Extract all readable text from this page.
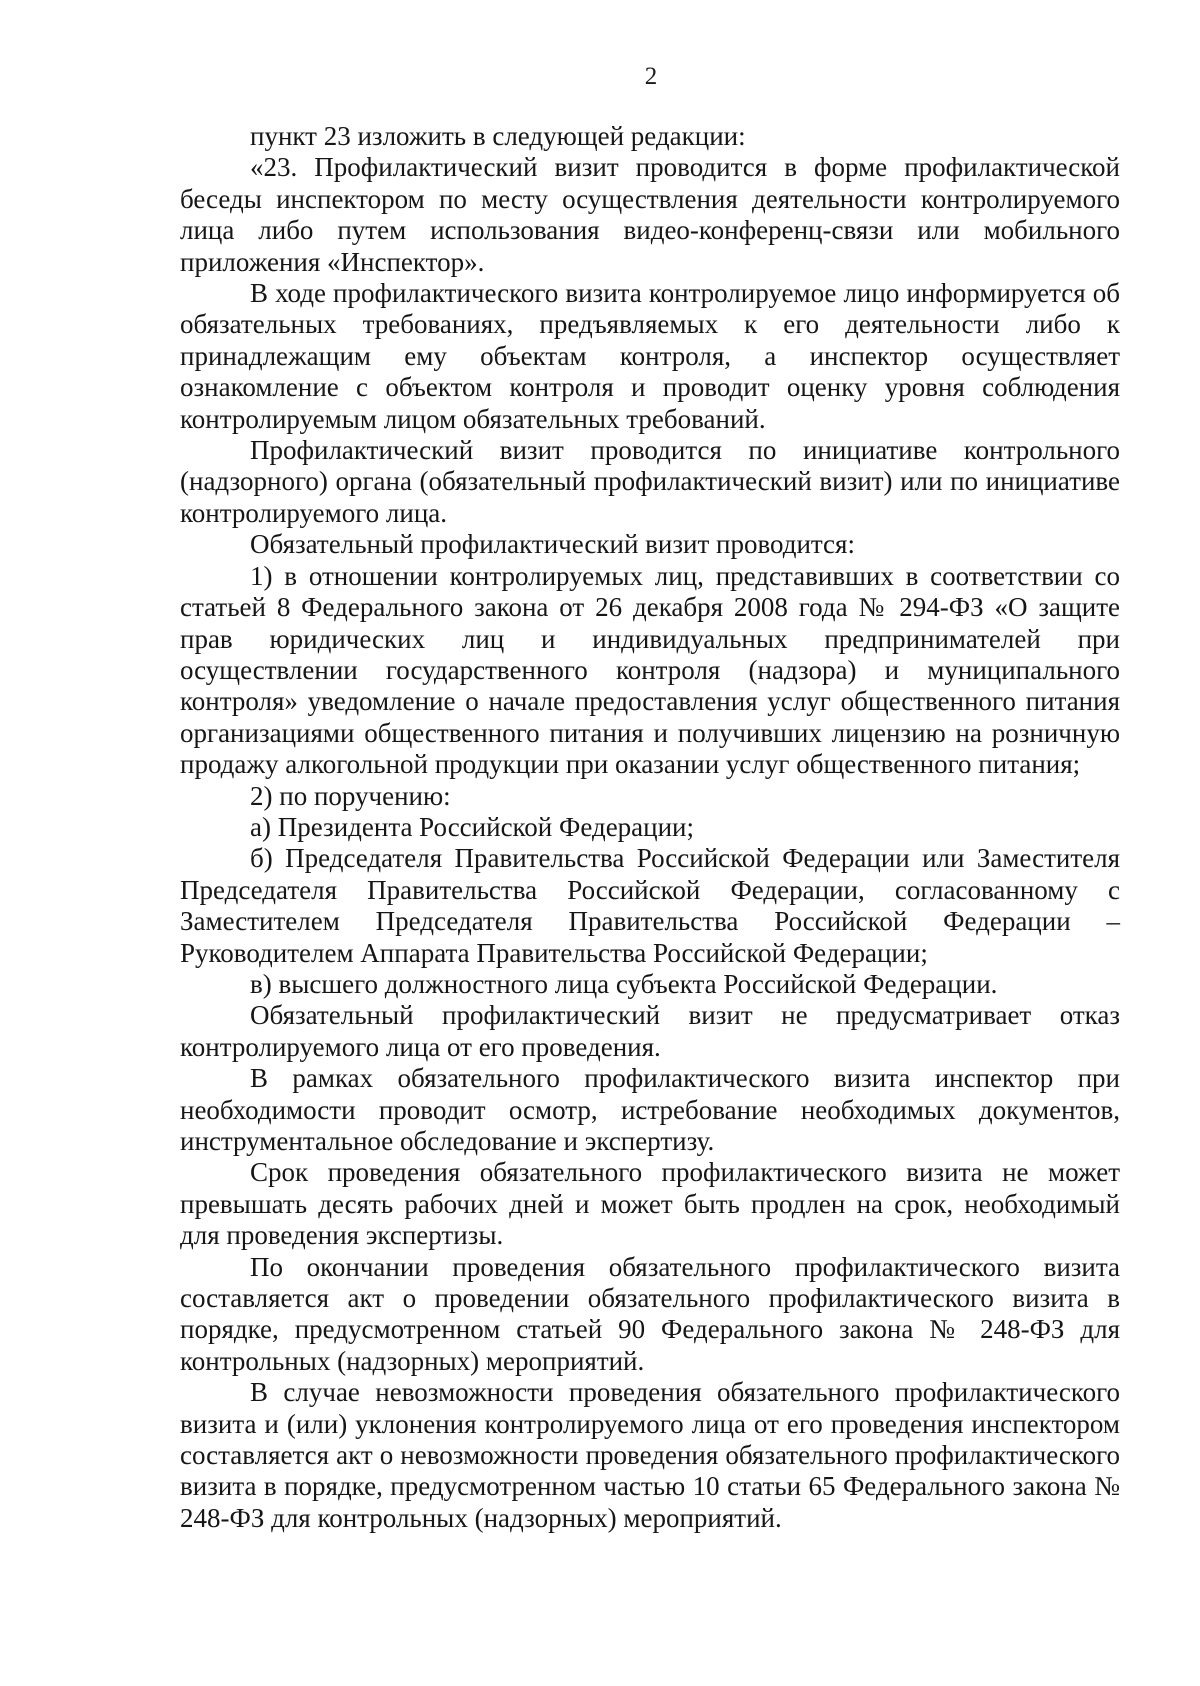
2

пункт 23 изложить в следующей редакции:

«23. Профилактический визит проводится в форме профилактической беседы инспектором по месту осуществления деятельности контролируемого лица либо путем использования видео-конференц-связи или мобильного приложения «Инспектор».

В ходе профилактического визита контролируемое лицо информируется об обязательных требованиях, предъявляемых к его деятельности либо к принадлежащим ему объектам контроля, а инспектор осуществляет ознакомление с объектом контроля и проводит оценку уровня соблюдения контролируемым лицом обязательных требований.

Профилактический визит проводится по инициативе контрольного (надзорного) органа (обязательный профилактический визит) или по инициативе контролируемого лица.

Обязательный профилактический визит проводится:

1) в отношении контролируемых лиц, представивших в соответствии со статьей 8 Федерального закона от 26 декабря 2008 года № 294-ФЗ «О защите прав юридических лиц и индивидуальных предпринимателей при осуществлении государственного контроля (надзора) и муниципального контроля» уведомление о начале предоставления услуг общественного питания организациями общественного питания и получивших лицензию на розничную продажу алкогольной продукции при оказании услуг общественного питания;

2) по поручению:

а) Президента Российской Федерации;

б) Председателя Правительства Российской Федерации или Заместителя Председателя Правительства Российской Федерации, согласованному с Заместителем Председателя Правительства Российской Федерации – Руководителем Аппарата Правительства Российской Федерации;

в) высшего должностного лица субъекта Российской Федерации.

Обязательный профилактический визит не предусматривает отказ контролируемого лица от его проведения.

В рамках обязательного профилактического визита инспектор при необходимости проводит осмотр, истребование необходимых документов, инструментальное обследование и экспертизу.

Срок проведения обязательного профилактического визита не может превышать десять рабочих дней и может быть продлен на срок, необходимый для проведения экспертизы.

По окончании проведения обязательного профилактического визита составляется акт о проведении обязательного профилактического визита в порядке, предусмотренном статьей 90 Федерального закона № 248-ФЗ для контрольных (надзорных) мероприятий.

В случае невозможности проведения обязательного профилактического визита и (или) уклонения контролируемого лица от его проведения инспектором составляется акт о невозможности проведения обязательного профилактического визита в порядке, предусмотренном частью 10 статьи 65 Федерального закона № 248-ФЗ для контрольных (надзорных) мероприятий.
